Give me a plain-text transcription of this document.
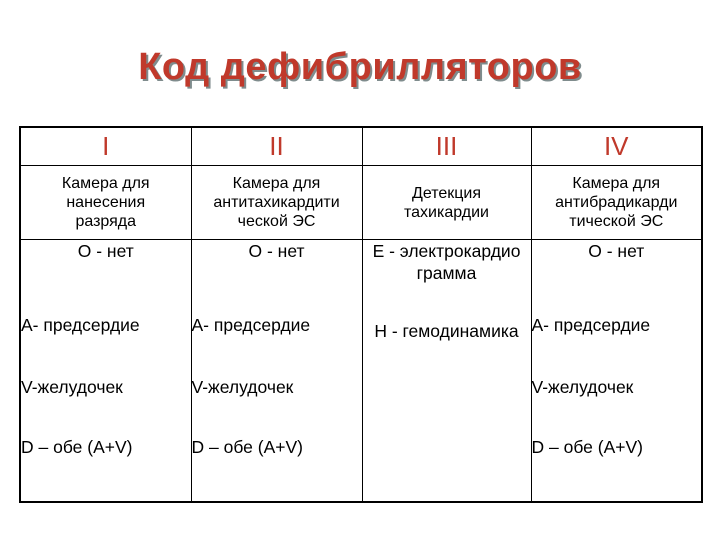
Код дефибрилляторов
I	II	III	IV
Камера для нанесения разряда	Камера для антитахикардити ческой ЭС	Детекция тахикардии	Камера для антибрадикарди тической ЭС
О - нет	О - нет	Е - электрокардио грамма	О - нет
А- предсердие	А- предсердие	Н - гемодинамика	А- предсердие
V-желудочек	V-желудочек		V-желудочек
D – обе (A+V)	D – обе (A+V)		D – обе (A+V)
